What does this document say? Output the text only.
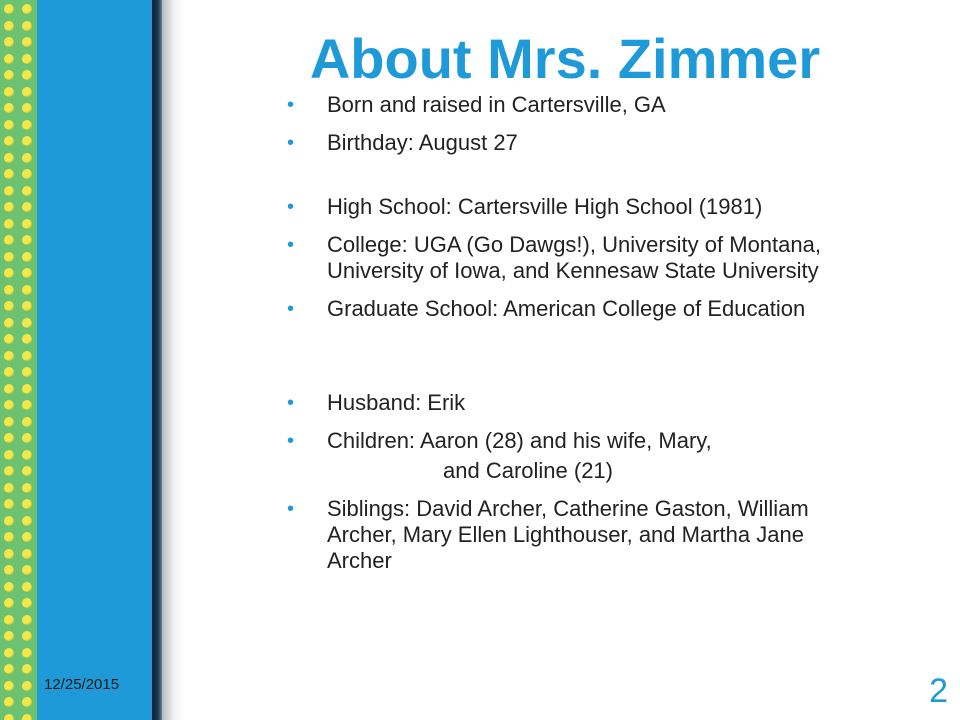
About Mrs. Zimmer
• Born and raised in Cartersville, GA
• Birthday: August 27
• High School: Cartersville High School (1981)
• College: UGA (Go Dawgs!), University of Montana, University of Iowa, and Kennesaw State University
• Graduate School: American College of Education
• Husband: Erik
• Children: Aaron (28) and his wife, Mary,
and Caroline (21)
• Siblings: David Archer, Catherine Gaston, William Archer, Mary Ellen Lighthouser, and Martha Jane Archer
12/25/2015	2
